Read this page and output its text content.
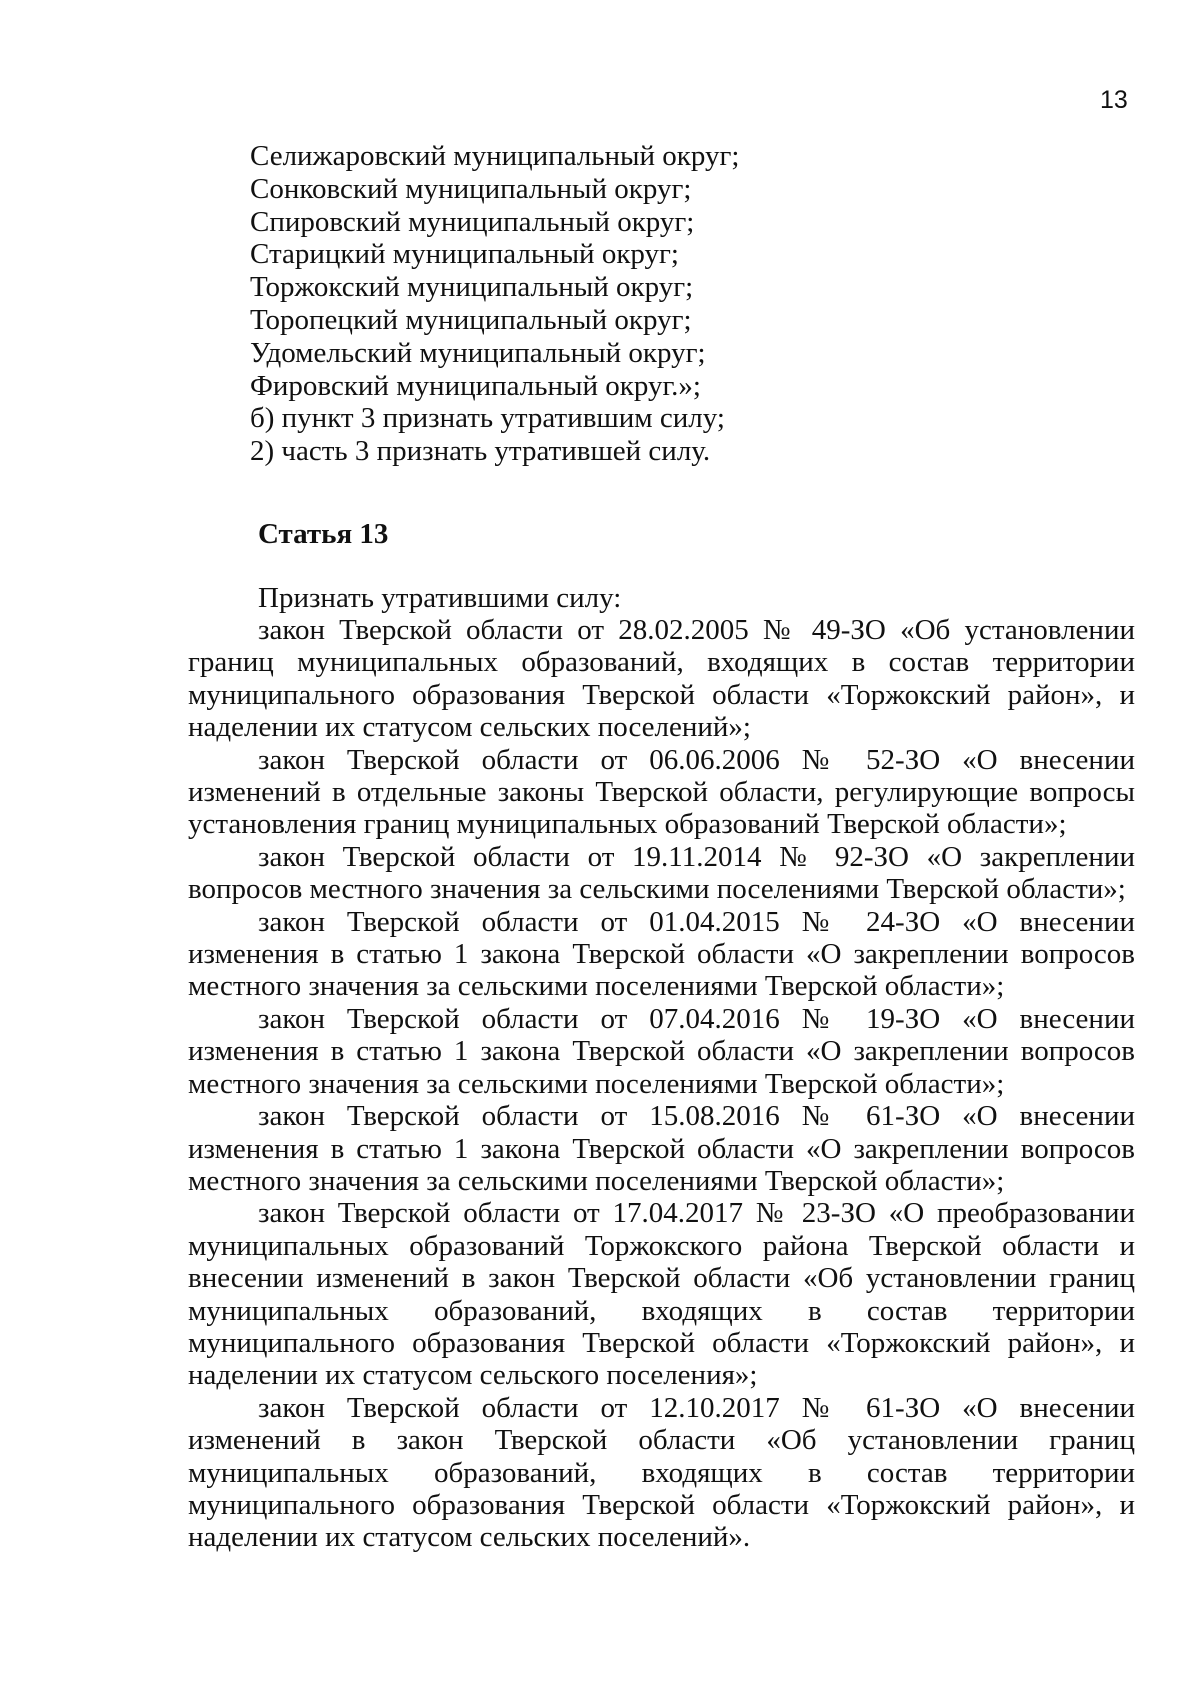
13
Селижаровский муниципальный округ;
Сонковский муниципальный округ;
Спировский муниципальный округ;
Старицкий муниципальный округ;
Торжокский муниципальный округ;
Торопецкий муниципальный округ;
Удомельский муниципальный округ;
Фировский муниципальный округ.»;
б) пункт 3 признать утратившим силу;
2) часть 3 признать утратившей силу.
Статья 13
Признать утратившими силу:

закон Тверской области от 28.02.2005 № 49-ЗО «Об установлении границ муниципальных образований, входящих в состав территории муниципального образования Тверской области «Торжокский район», и наделении их статусом сельских поселений»;

закон Тверской области от 06.06.2006 № 52-ЗО «О внесении изменений в отдельные законы Тверской области, регулирующие вопросы установления границ муниципальных образований Тверской области»;

закон Тверской области от 19.11.2014 № 92-ЗО «О закреплении вопросов местного значения за сельскими поселениями Тверской области»;

закон Тверской области от 01.04.2015 № 24-ЗО «О внесении изменения в статью 1 закона Тверской области «О закреплении вопросов местного значения за сельскими поселениями Тверской области»;

закон Тверской области от 07.04.2016 № 19-ЗО «О внесении изменения в статью 1 закона Тверской области «О закреплении вопросов местного значения за сельскими поселениями Тверской области»;

закон Тверской области от 15.08.2016 № 61-ЗО «О внесении изменения в статью 1 закона Тверской области «О закреплении вопросов местного значения за сельскими поселениями Тверской области»;

закон Тверской области от 17.04.2017 № 23-ЗО «О преобразовании муниципальных образований Торжокского района Тверской области и внесении изменений в закон Тверской области «Об установлении границ муниципальных образований, входящих в состав территории муниципального образования Тверской области «Торжокский район», и наделении их статусом сельского поселения»;

закон Тверской области от 12.10.2017 № 61-ЗО «О внесении изменений в закон Тверской области «Об установлении границ муниципальных образований, входящих в состав территории муниципального образования Тверской области «Торжокский район», и наделении их статусом сельских поселений».
